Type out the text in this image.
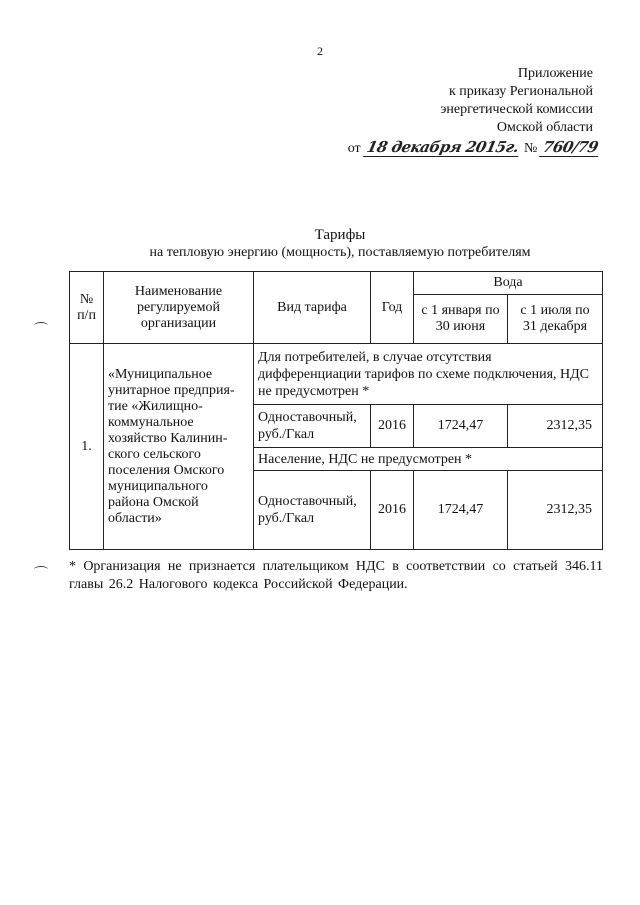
2
Приложение
к приказу Региональной
энергетической комиссии
Омской области
от 18 декабря 2015г. № 760/79
Тарифы
на тепловую энергию (мощность), поставляемую потребителям
№ п/п	Наименование регулируемой организации	Вид тарифа	Год	Вода	
				с 1 января по 30 июня	с 1 июля по 31 декабря
1.	«Муниципальное унитарное предприя-тие «Жилищно-коммунальное хозяйство Калинин-ского сельского поселения Омского муниципального района Омской области»	Для потребителей, в случае отсутствия дифференциации тарифов по схеме подключения, НДС не предусмотрен *			
		Одноставочный, руб./Гкал	2016	1724,47	2312,35
		Население, НДС не предусмотрен *			
		Одноставочный, руб./Гкал	2016	1724,47	2312,35
* Организация не признается плательщиком НДС в соответствии со статьей 346.11 главы 26.2 Налогового кодекса Российской Федерации.
